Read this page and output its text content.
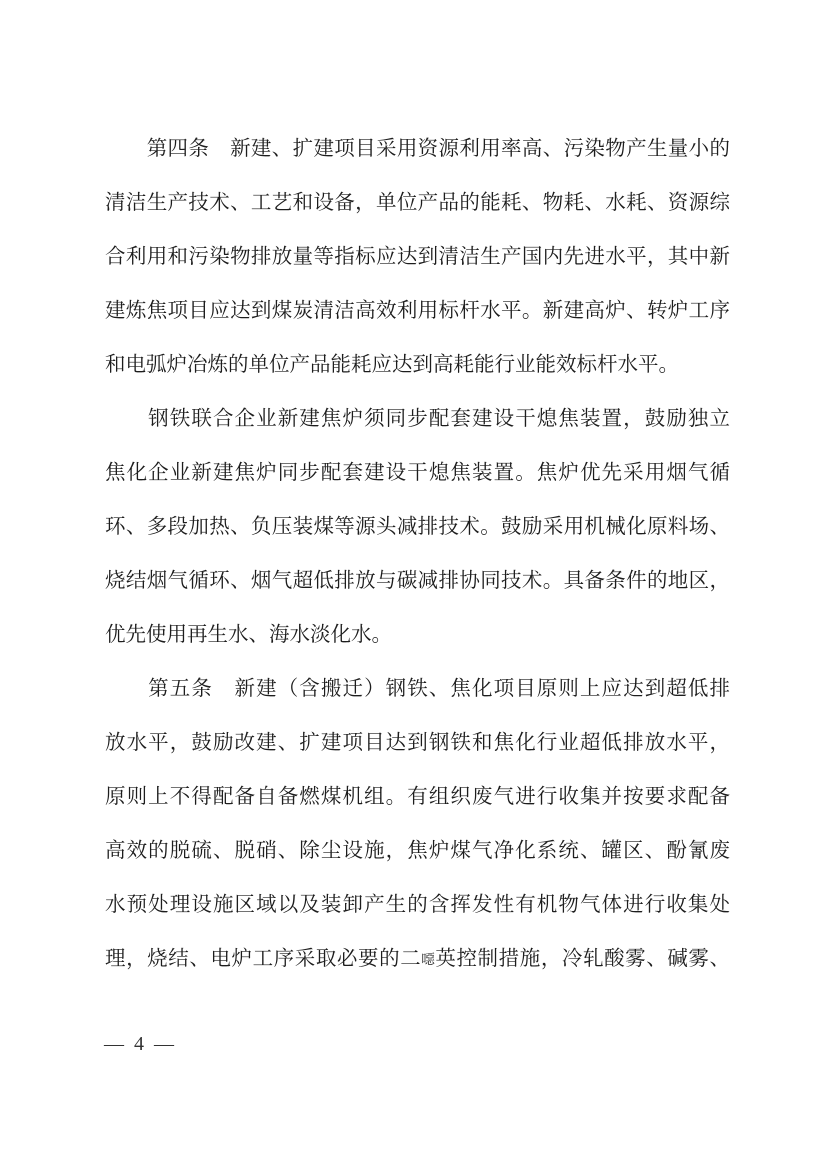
　　第四条　新建、扩建项目采用资源利用率高、污染物产生量小的
清洁生产技术、工艺和设备，单位产品的能耗、物耗、水耗、资源综
合利用和污染物排放量等指标应达到清洁生产国内先进水平，其中新
建炼焦项目应达到煤炭清洁高效利用标杆水平。新建高炉、转炉工序
和电弧炉冶炼的单位产品能耗应达到高耗能行业能效标杆水平。
　　钢铁联合企业新建焦炉须同步配套建设干熄焦装置，鼓励独立
焦化企业新建焦炉同步配套建设干熄焦装置。焦炉优先采用烟气循
环、多段加热、负压装煤等源头减排技术。鼓励采用机械化原料场、
烧结烟气循环、烟气超低排放与碳减排协同技术。具备条件的地区，
优先使用再生水、海水淡化水。
　　第五条　新建（含搬迁）钢铁、焦化项目原则上应达到超低排
放水平，鼓励改建、扩建项目达到钢铁和焦化行业超低排放水平，
原则上不得配备自备燃煤机组。有组织废气进行收集并按要求配备
高效的脱硫、脱硝、除尘设施，焦炉煤气净化系统、罐区、酚氰废
水预处理设施区域以及装卸产生的含挥发性有机物气体进行收集处
理，烧结、电炉工序采取必要的二噁英控制措施，冷轧酸雾、碱雾、
— 4 —
